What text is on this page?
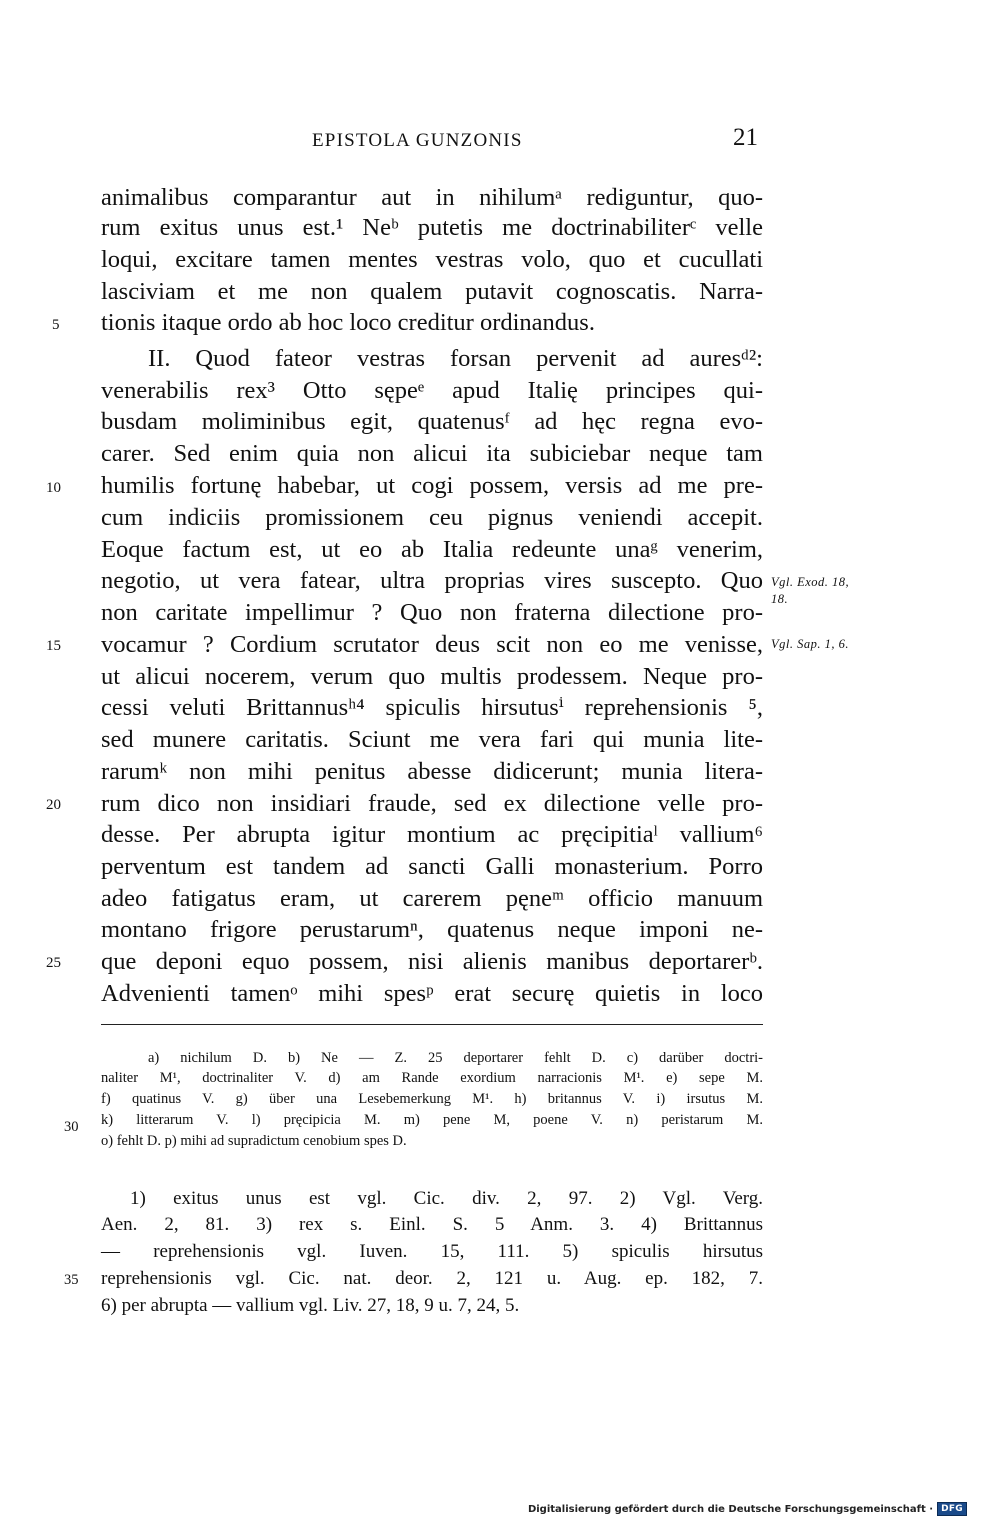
EPISTOLA GUNZONIS	21
animalibus comparantur aut in nihilumᵃ rediguntur, quo-
rum exitus unus est.¹ Neᵇ putetis me doctrinabiliterᶜ velle
loqui, excitare tamen mentes vestras volo, quo et cucullati
lasciviam et me non qualem putavit cognoscatis. Narra-
tionis itaque ordo ab hoc loco creditur ordinandus.
II. Quod fateor vestras forsan pervenit ad auresᵈ²:
venerabilis rex³ Otto sępeᵉ apud Italię principes qui-
busdam moliminibus egit, quatenusᶠ ad hęc regna evo-
carer. Sed enim quia non alicui ita subiciebar neque tam
humilis fortunę habebar, ut cogi possem, versis ad me pre-
cum indiciis promissionem ceu pignus veniendi accepit.
Eoque factum est, ut eo ab Italia redeunte unaᵍ venerim,
negotio, ut vera fatear, ultra proprias vires suscepto. Quo
non caritate impellimur ? Quo non fraterna dilectione pro-
vocamur ? Cordium scrutator deus scit non eo me venisse,
ut alicui nocerem, verum quo multis prodessem. Neque pro-
cessi veluti Brittannusʰ⁴ spiculis hirsutusⁱ reprehensionis ⁵,
sed munere caritatis. Sciunt me vera fari qui munia lite-
rarumᵏ non mihi penitus abesse didicerunt; munia litera-
rum dico non insidiari fraude, sed ex dilectione velle pro-
desse. Per abrupta igitur montium ac pręcipitiaˡ vallium⁶
perventum est tandem ad sancti Galli monasterium. Porro
adeo fatigatus eram, ut carerem pęneᵐ officio manuum
montano frigore perustarumⁿ, quatenus neque imponi ne-
que deponi equo possem, nisi alienis manibus deportarerᵇ.
Advenienti tamenᵒ mihi spesᵖ erat securę quietis in loco
5
10
15
20
25
Vgl. Exod. 18,
18.
Vgl. Sap. 1, 6.
a) nichilum D. b) Ne — Z. 25 deportarer fehlt D. c) darüber doctri-
naliter M¹, doctrinaliter V. d) am Rande exordium narracionis M¹. e) sepe M.
f) quatinus V. g) über una Lesebemerkung M¹. h) britannus V. i) irsutus M.
k) litterarum V. l) pręcipicia M. m) pene M, poene V. n) peristarum M.
o) fehlt D. p) mihi ad supradictum cenobium spes D.
30
1) exitus unus est vgl. Cic. div. 2, 97. 2) Vgl. Verg.
Aen. 2, 81. 3) rex s. Einl. S. 5 Anm. 3. 4) Brittannus
— reprehensionis vgl. Iuven. 15, 111. 5) spiculis hirsutus
reprehensionis vgl. Cic. nat. deor. 2, 121 u. Aug. ep. 182, 7.
6) per abrupta — vallium vgl. Liv. 27, 18, 9 u. 7, 24, 5.
35
Digitalisierung gefördert durch die Deutsche Forschungsgemeinschaft · DFG
